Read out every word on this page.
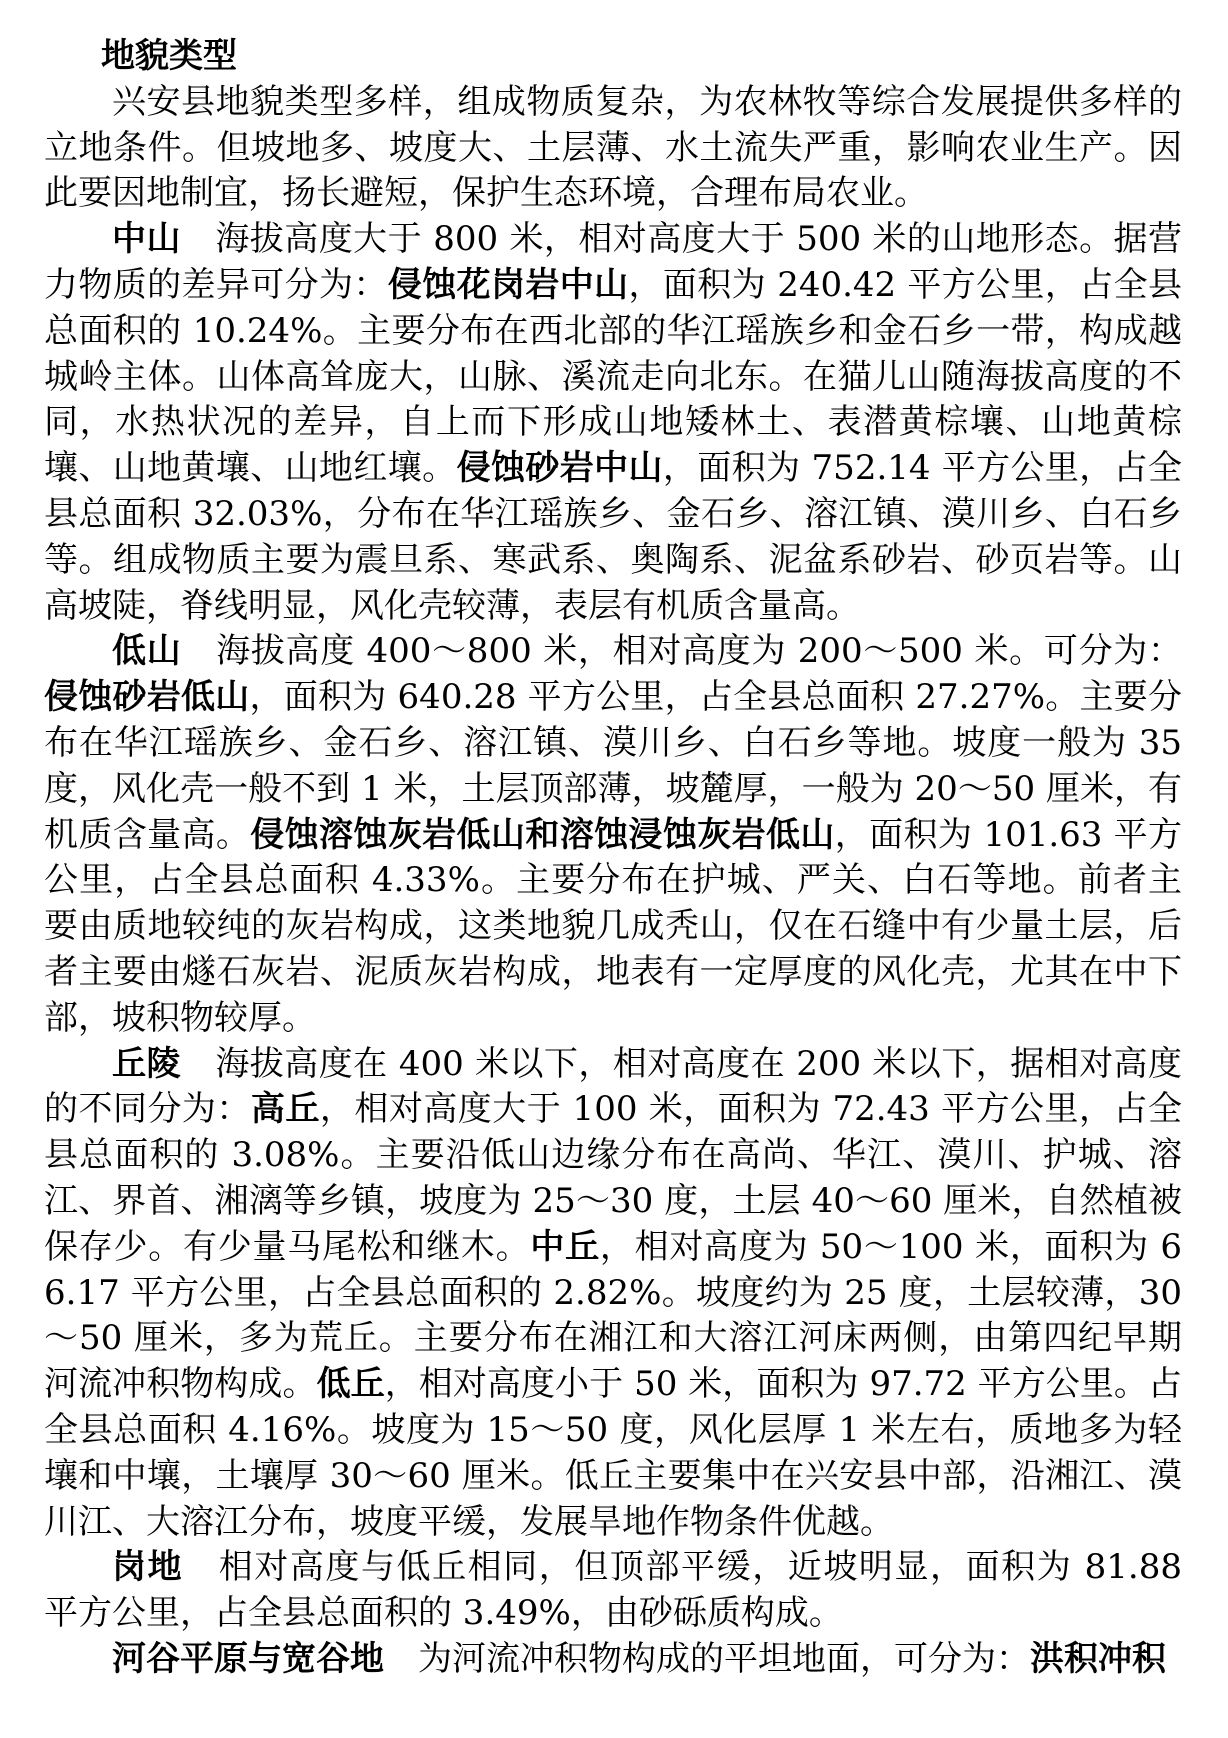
地貌类型

兴安县地貌类型多样，组成物质复杂，为农林牧等综合发展提供多样的立地条件。但坡地多、坡度大、土层薄、水土流失严重，影响农业生产。因此要因地制宜，扬长避短，保护生态环境，合理布局农业。

中山　海拔高度大于 800 米，相对高度大于 500 米的山地形态。据营力物质的差异可分为：侵蚀花岗岩中山，面积为 240.42 平方公里，占全县总面积的 10.24%。主要分布在西北部的华江瑶族乡和金石乡一带，构成越城岭主体。山体高耸庞大，山脉、溪流走向北东。在猫儿山随海拔高度的不同，水热状况的差异，自上而下形成山地矮林土、表潜黄棕壤、山地黄棕壤、山地黄壤、山地红壤。侵蚀砂岩中山，面积为 752.14 平方公里，占全县总面积 32.03%，分布在华江瑶族乡、金石乡、溶江镇、漠川乡、白石乡等。组成物质主要为震旦系、寒武系、奥陶系、泥盆系砂岩、砂页岩等。山高坡陡，脊线明显，风化壳较薄，表层有机质含量高。

低山　海拔高度 400～800 米，相对高度为 200～500 米。可分为：侵蚀砂岩低山，面积为 640.28 平方公里，占全县总面积 27.27%。主要分布在华江瑶族乡、金石乡、溶江镇、漠川乡、白石乡等地。坡度一般为 35 度，风化壳一般不到 1 米，土层顶部薄，坡麓厚，一般为 20～50 厘米，有机质含量高。侵蚀溶蚀灰岩低山和溶蚀浸蚀灰岩低山，面积为 101.63 平方公里，占全县总面积 4.33%。主要分布在护城、严关、白石等地。前者主要由质地较纯的灰岩构成，这类地貌几成秃山，仅在石缝中有少量土层，后者主要由燧石灰岩、泥质灰岩构成，地表有一定厚度的风化壳，尤其在中下部，坡积物较厚。

丘陵　海拔高度在 400 米以下，相对高度在 200 米以下，据相对高度的不同分为：高丘，相对高度大于 100 米，面积为 72.43 平方公里，占全县总面积的 3.08%。主要沿低山边缘分布在高尚、华江、漠川、护城、溶江、界首、湘漓等乡镇，坡度为 25～30 度，土层 40～60 厘米，自然植被保存少。有少量马尾松和继木。中丘，相对高度为 50～100 米，面积为 66.17 平方公里，占全县总面积的 2.82%。坡度约为 25 度，土层较薄，30～50 厘米，多为荒丘。主要分布在湘江和大溶江河床两侧，由第四纪早期河流冲积物构成。低丘，相对高度小于 50 米，面积为 97.72 平方公里。占全县总面积 4.16%。坡度为 15～50 度，风化层厚 1 米左右，质地多为轻壤和中壤，土壤厚 30～60 厘米。低丘主要集中在兴安县中部，沿湘江、漠川江、大溶江分布，坡度平缓，发展旱地作物条件优越。

岗地　相对高度与低丘相同，但顶部平缓，近坡明显，面积为 81.88 平方公里，占全县总面积的 3.49%，由砂砾质构成。

河谷平原与宽谷地　为河流冲积物构成的平坦地面，可分为：洪积冲积
